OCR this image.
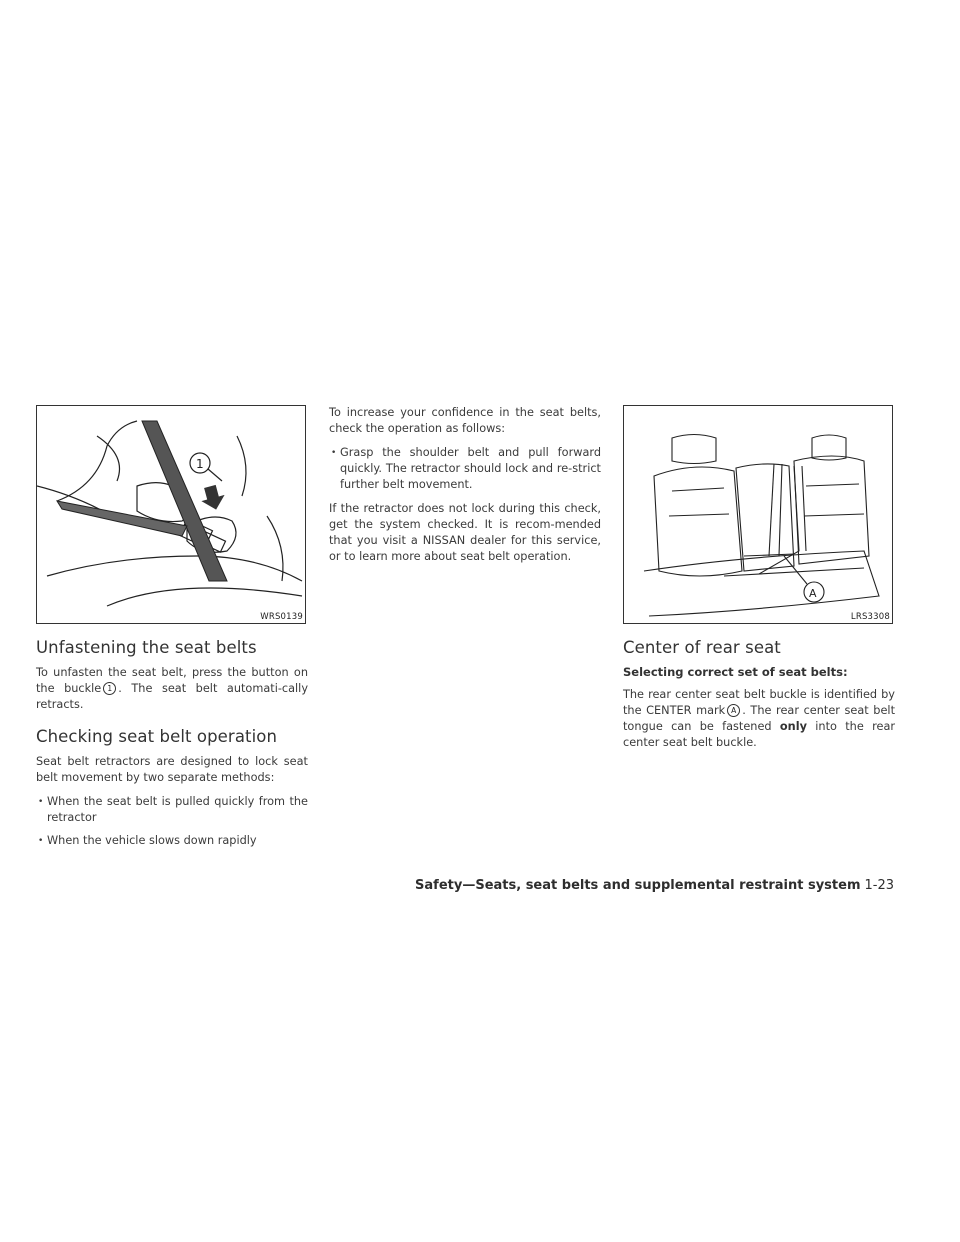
1
WRS0139
Unfastening the seat belts

To unfasten the seat belt, press the button on the buckle 1 . The seat belt automati-cally retracts.

Checking seat belt operation

Seat belt retractors are designed to lock seat belt movement by two separate methods:

• When the seat belt is pulled quickly from the retractor
• When the vehicle slows down rapidly

To increase your confidence in the seat belts, check the operation as follows:

• Grasp the shoulder belt and pull forward quickly. The retractor should lock and re-strict further belt movement.

If the retractor does not lock during this check, get the system checked. It is recom-mended that you visit a NISSAN dealer for this service, or to learn more about seat belt operation.

A
LRS3308
Center of rear seat
Selecting correct set of seat belts:

The rear center seat belt buckle is identified by the CENTER mark A . The rear center seat belt tongue can be fastened only into the rear center seat belt buckle.

Safety—Seats, seat belts and supplemental restraint system 1-23
